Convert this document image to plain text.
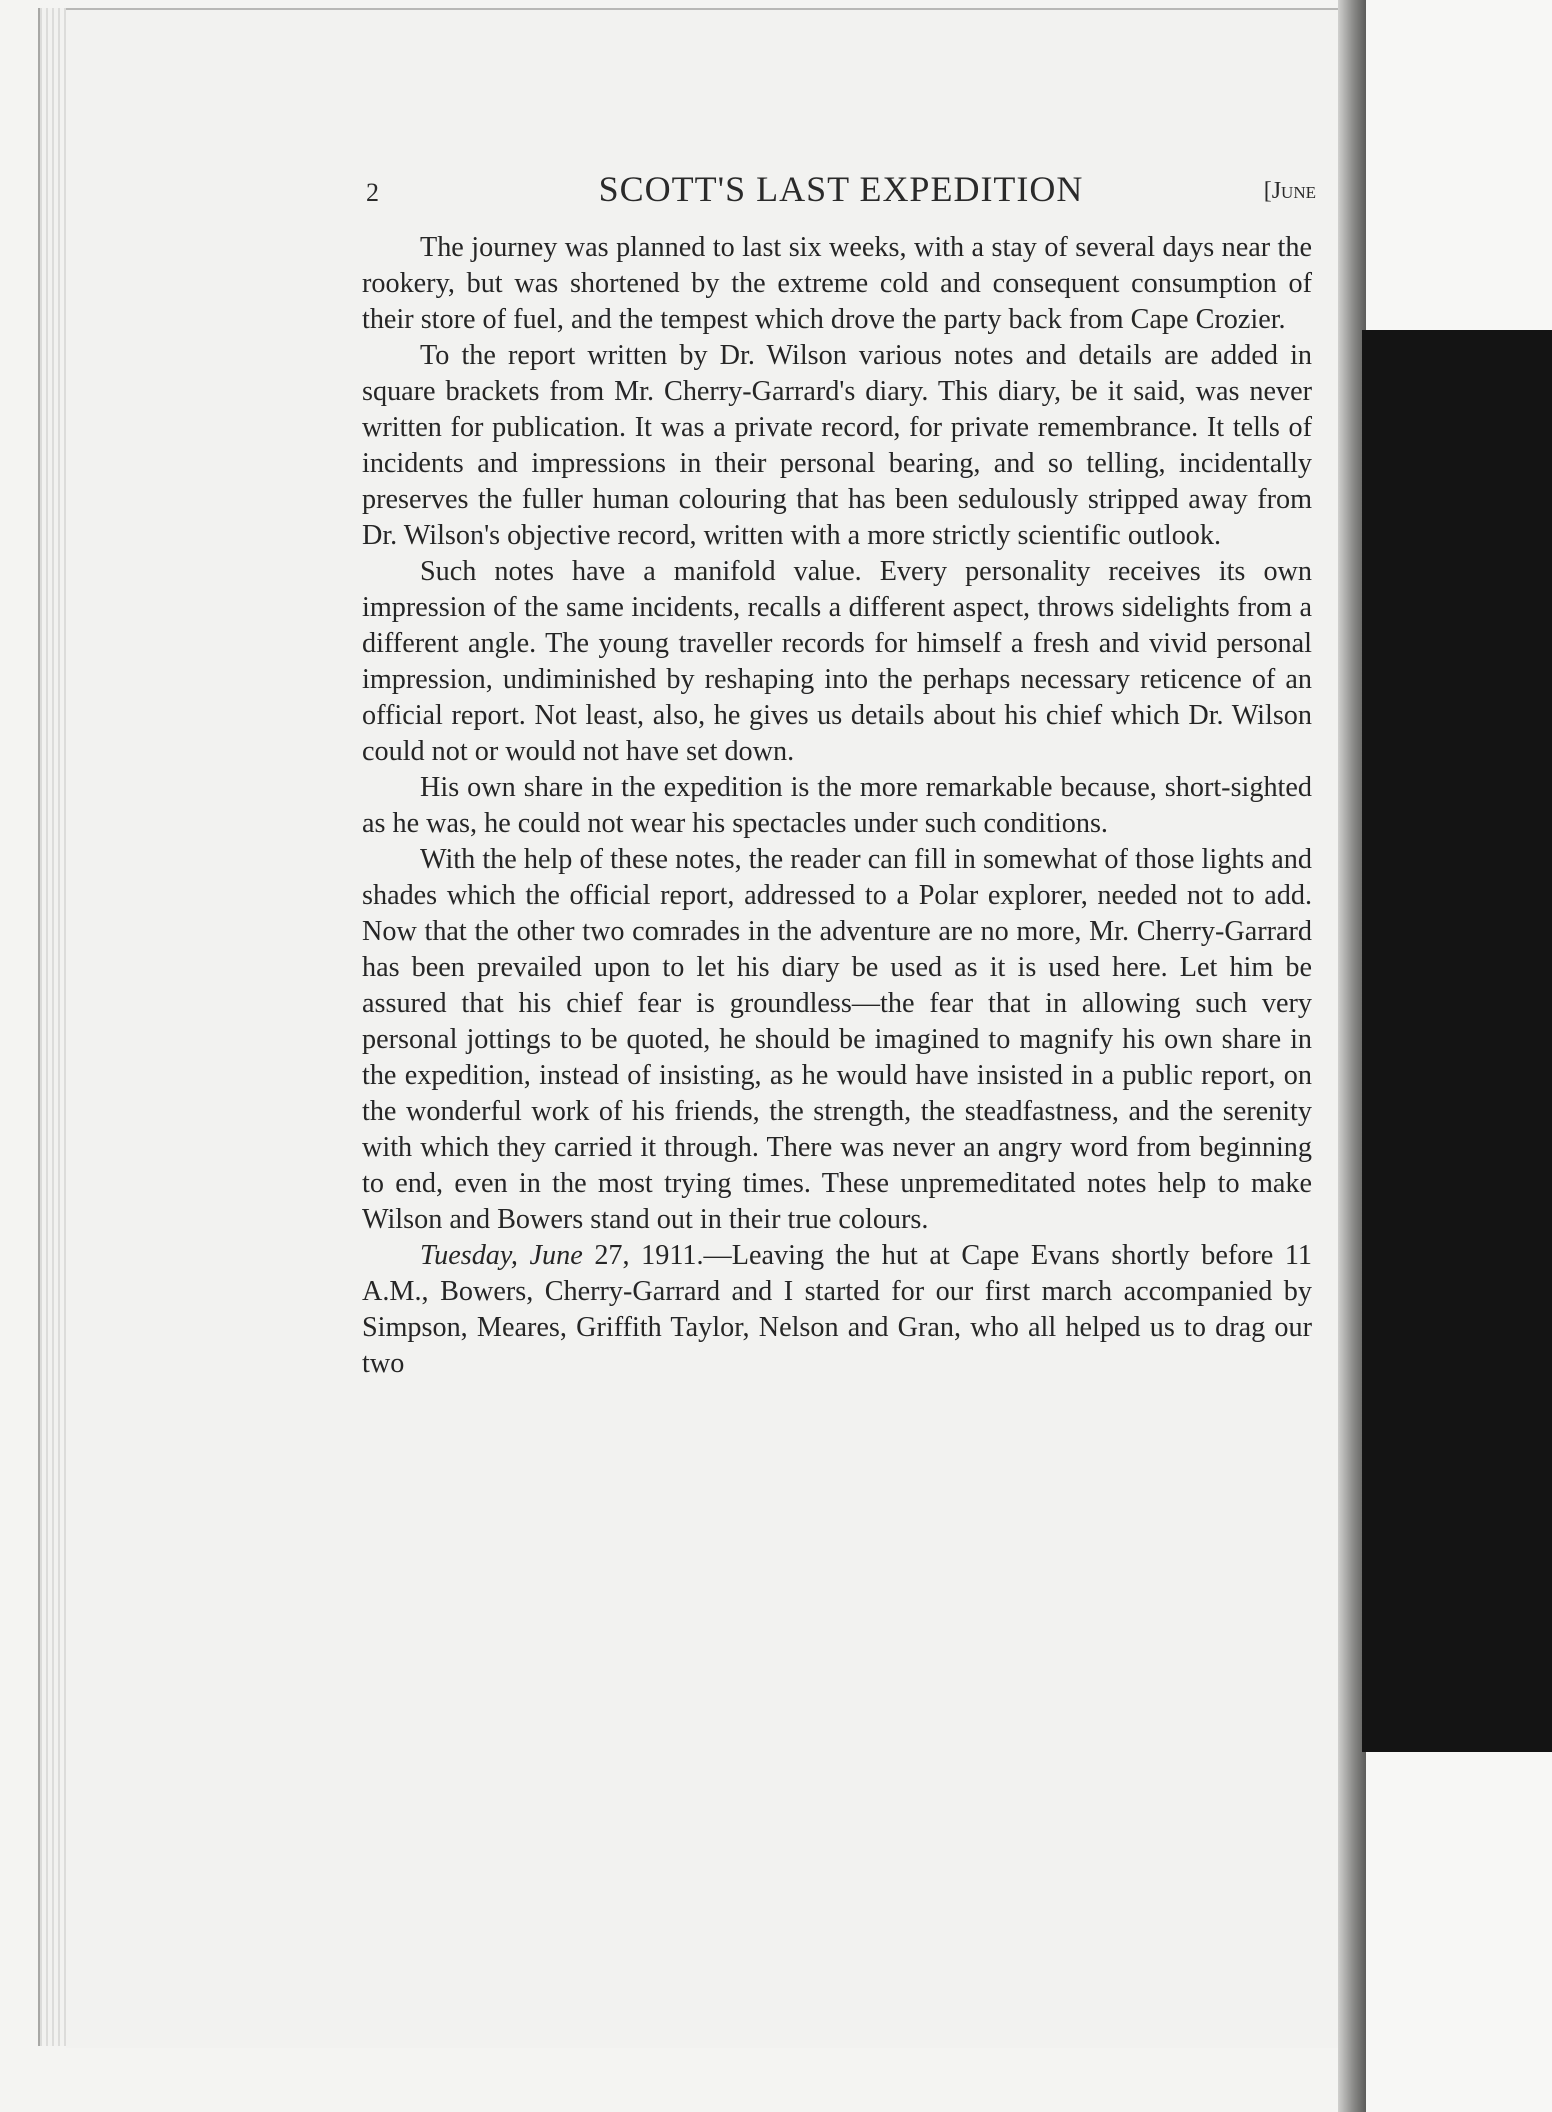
2	SCOTT'S LAST EXPEDITION	[June

The journey was planned to last six weeks, with a stay of several days near the rookery, but was shortened by the extreme cold and consequent consumption of their store of fuel, and the tempest which drove the party back from Cape Crozier.

To the report written by Dr. Wilson various notes and details are added in square brackets from Mr. Cherry-Garrard's diary. This diary, be it said, was never written for publication. It was a private record, for private remembrance. It tells of incidents and impressions in their personal bearing, and so telling, incidentally preserves the fuller human colouring that has been sedulously stripped away from Dr. Wilson's objective record, written with a more strictly scientific outlook.

Such notes have a manifold value. Every personality receives its own impression of the same incidents, recalls a different aspect, throws sidelights from a different angle. The young traveller records for himself a fresh and vivid personal impression, undiminished by reshaping into the perhaps necessary reticence of an official report. Not least, also, he gives us details about his chief which Dr. Wilson could not or would not have set down.

His own share in the expedition is the more remarkable because, short-sighted as he was, he could not wear his spectacles under such conditions.

With the help of these notes, the reader can fill in somewhat of those lights and shades which the official report, addressed to a Polar explorer, needed not to add. Now that the other two comrades in the adventure are no more, Mr. Cherry-Garrard has been prevailed upon to let his diary be used as it is used here. Let him be assured that his chief fear is groundless—the fear that in allowing such very personal jottings to be quoted, he should be imagined to magnify his own share in the expedition, instead of insisting, as he would have insisted in a public report, on the wonderful work of his friends, the strength, the steadfastness, and the serenity with which they carried it through. There was never an angry word from beginning to end, even in the most trying times. These unpremeditated notes help to make Wilson and Bowers stand out in their true colours.

Tuesday, June 27, 1911.—Leaving the hut at Cape Evans shortly before 11 A.M., Bowers, Cherry-Garrard and I started for our first march accompanied by Simpson, Meares, Griffith Taylor, Nelson and Gran, who all helped us to drag our two
